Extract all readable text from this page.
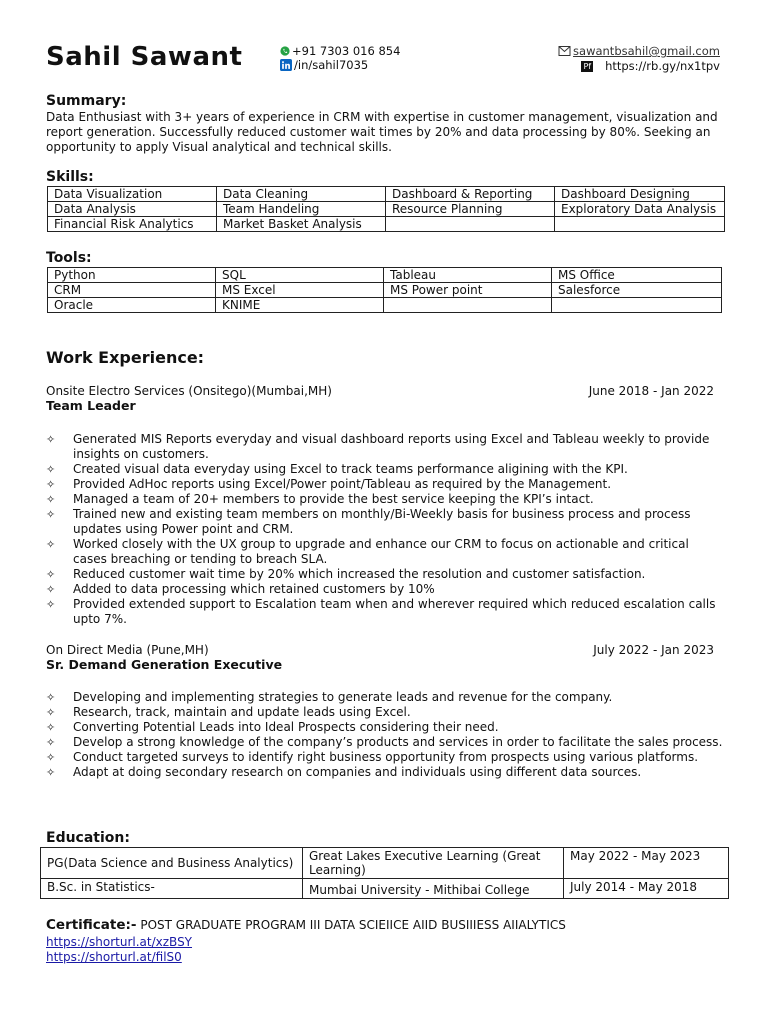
Sahil Sawant	+91 7303 016 854
/in/sahil7035
sawantbsahil@gmail.com
Pf https://rb.gy/nx1tpv
Summary:

Data Enthusiast with 3+ years of experience in CRM with expertise in customer management, visualization and report generation. Successfully reduced customer wait times by 20% and data processing by 80%. Seeking an opportunity to apply Visual analytical and technical skills.

Skills:
Data Visualization	Data Cleaning	Dashboard & Reporting	Dashboard Designing
Data Analysis	Team Handeling	Resource Planning	Exploratory Data Analysis
Financial Risk Analytics	Market Basket Analysis		
Tools:
Python	SQL	Tableau	MS Office
CRM	MS Excel	MS Power point	Salesforce
Oracle	KNIME		
Work Experience:
Onsite Electro Services (Onsitego)(Mumbai,MH)	June 2018 - Jan 2022
Team Leader
✧ Generated MIS Reports everyday and visual dashboard reports using Excel and Tableau weekly to provide insights on customers.
✧ Created visual data everyday using Excel to track teams performance aligining with the KPI.
✧ Provided AdHoc reports using Excel/Power point/Tableau as required by the Management.
✧ Managed a team of 20+ members to provide the best service keeping the KPI’s intact.
✧ Trained new and existing team members on monthly/Bi-Weekly basis for business process and process updates using Power point and CRM.
✧ Worked closely with the UX group to upgrade and enhance our CRM to focus on actionable and critical cases breaching or tending to breach SLA.
✧ Reduced customer wait time by 20% which increased the resolution and customer satisfaction.
✧ Added to data processing which retained customers by 10%
✧ Provided extended support to Escalation team when and wherever required which reduced escalation calls upto 7%.
On Direct Media (Pune,MH)	July 2022 - Jan 2023
Sr. Demand Generation Executive
✧ Developing and implementing strategies to generate leads and revenue for the company.
✧ Research, track, maintain and update leads using Excel.
✧ Converting Potential Leads into Ideal Prospects considering their need.
✧ Develop a strong knowledge of the company’s products and services in order to facilitate the sales process.
✧ Conduct targeted surveys to identify right business opportunity from prospects using various platforms.
✧ Adapt at doing secondary research on companies and individuals using different data sources.
Education:
PG(Data Science and Business Analytics)	Great Lakes Executive Learning (Great Learning)	May 2022 - May 2023
B.Sc. in Statistics-	Mumbai University - Mithibai College	July 2014 - May 2018
Certificate:- POST GRADUATE PROGRAM III DATA SCIEIICE AIID BUSIIIESS AIIALYTICS
https://shorturl.at/xzBSY
https://shorturl.at/filS0
